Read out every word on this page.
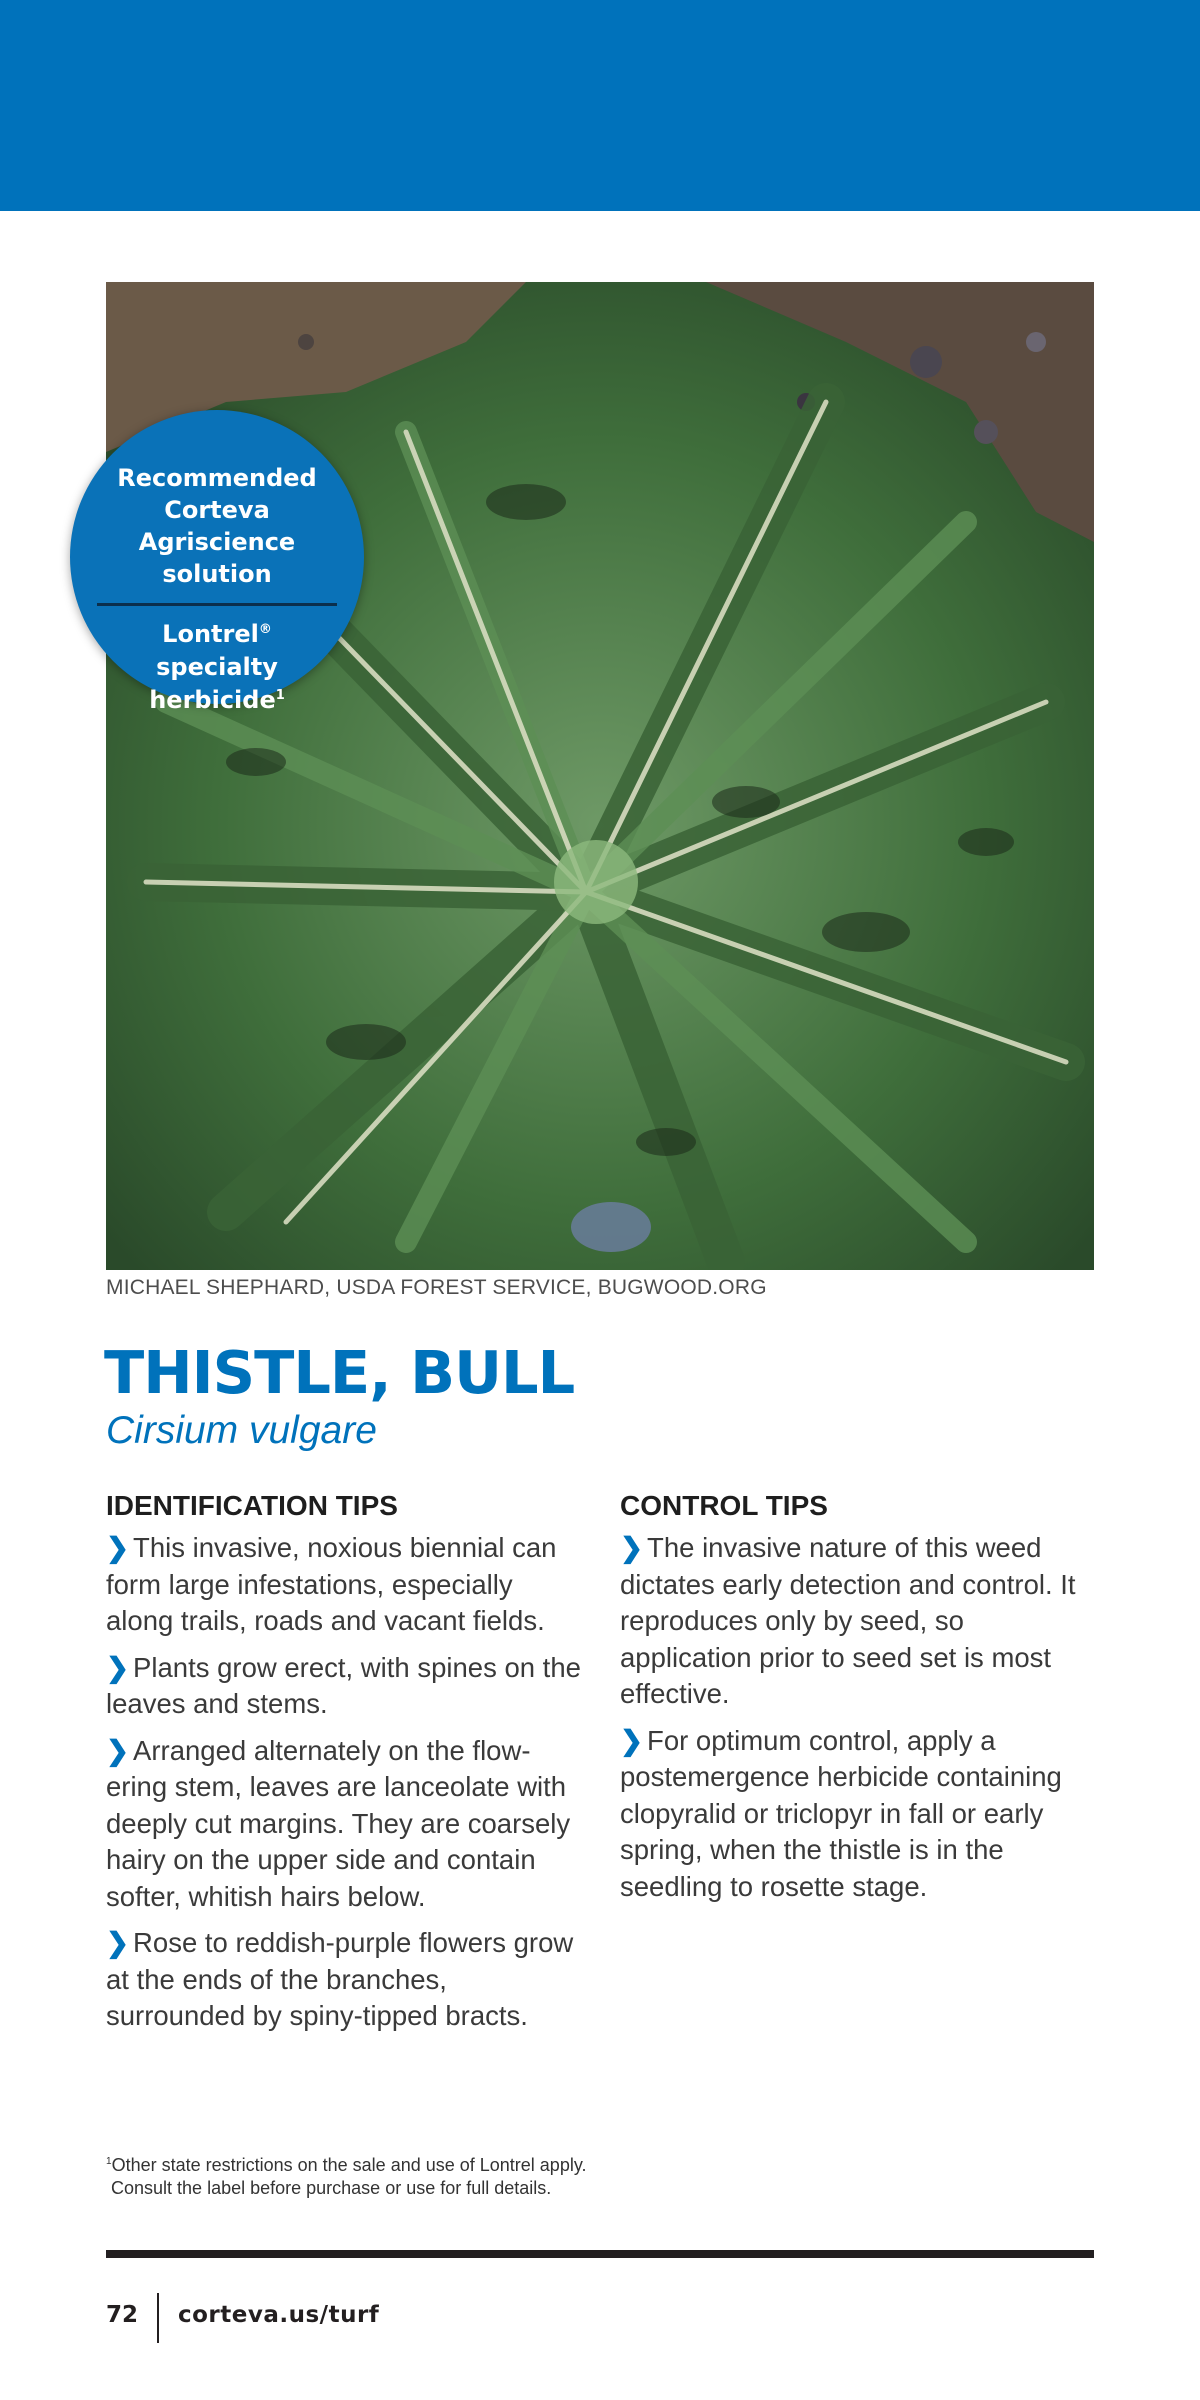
Recommended Corteva Agriscience solution
Lontrel® specialty herbicide$^1$
MICHAEL SHEPHARD, USDA FOREST SERVICE, BUGWOOD.ORG
THISTLE, BULL
Cirsium vulgare
IDENTIFICATION TIPS

❯ This invasive, noxious biennial can form large infestations, especially along trails, roads and vacant fields.

❯ Plants grow erect, with spines on the leaves and stems.

❯ Arranged alternately on the flow-ering stem, leaves are lanceolate with deeply cut margins. They are coarsely hairy on the upper side and contain softer, whitish hairs below.

❯ Rose to reddish-purple flowers grow at the ends of the branches, surrounded by spiny-tipped bracts.

CONTROL TIPS

❯ The invasive nature of this weed dictates early detection and control. It reproduces only by seed, so application prior to seed set is most effective.

❯ For optimum control, apply a postemergence herbicide containing clopyralid or triclopyr in fall or early spring, when the thistle is in the seedling to rosette stage.

$^1$Other state restrictions on the sale and use of Lontrel apply.
Consult the label before purchase or use for full details.
72 corteva.us/turf
